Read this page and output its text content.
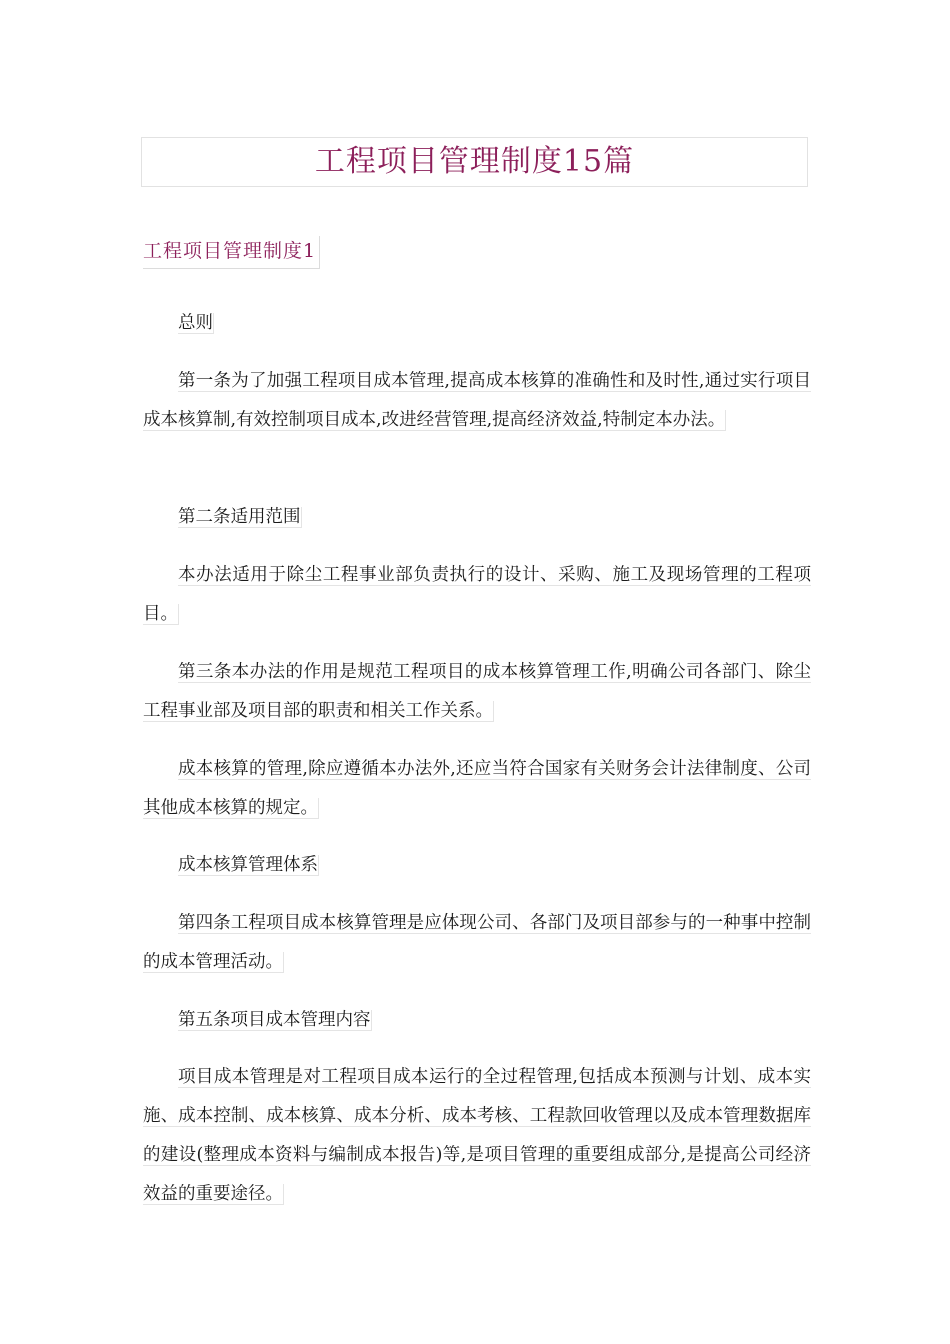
工程项目管理制度15篇
工程项目管理制度1
总则
第一条为了加强工程项目成本管理,提高成本核算的准确性和及时性,通过实行项目成本核算制,有效控制项目成本,改进经营管理,提高经济效益,特制定本办法。
第二条适用范围
本办法适用于除尘工程事业部负责执行的设计、采购、施工及现场管理的工程项目。
第三条本办法的作用是规范工程项目的成本核算管理工作,明确公司各部门、除尘工程事业部及项目部的职责和相关工作关系。
成本核算的管理,除应遵循本办法外,还应当符合国家有关财务会计法律制度、公司其他成本核算的规定。
成本核算管理体系
第四条工程项目成本核算管理是应体现公司、各部门及项目部参与的一种事中控制的成本管理活动。
第五条项目成本管理内容
项目成本管理是对工程项目成本运行的全过程管理,包括成本预测与计划、成本实施、成本控制、成本核算、成本分析、成本考核、工程款回收管理以及成本管理数据库的建设(整理成本资料与编制成本报告)等,是项目管理的重要组成部分,是提高公司经济效益的重要途径。
